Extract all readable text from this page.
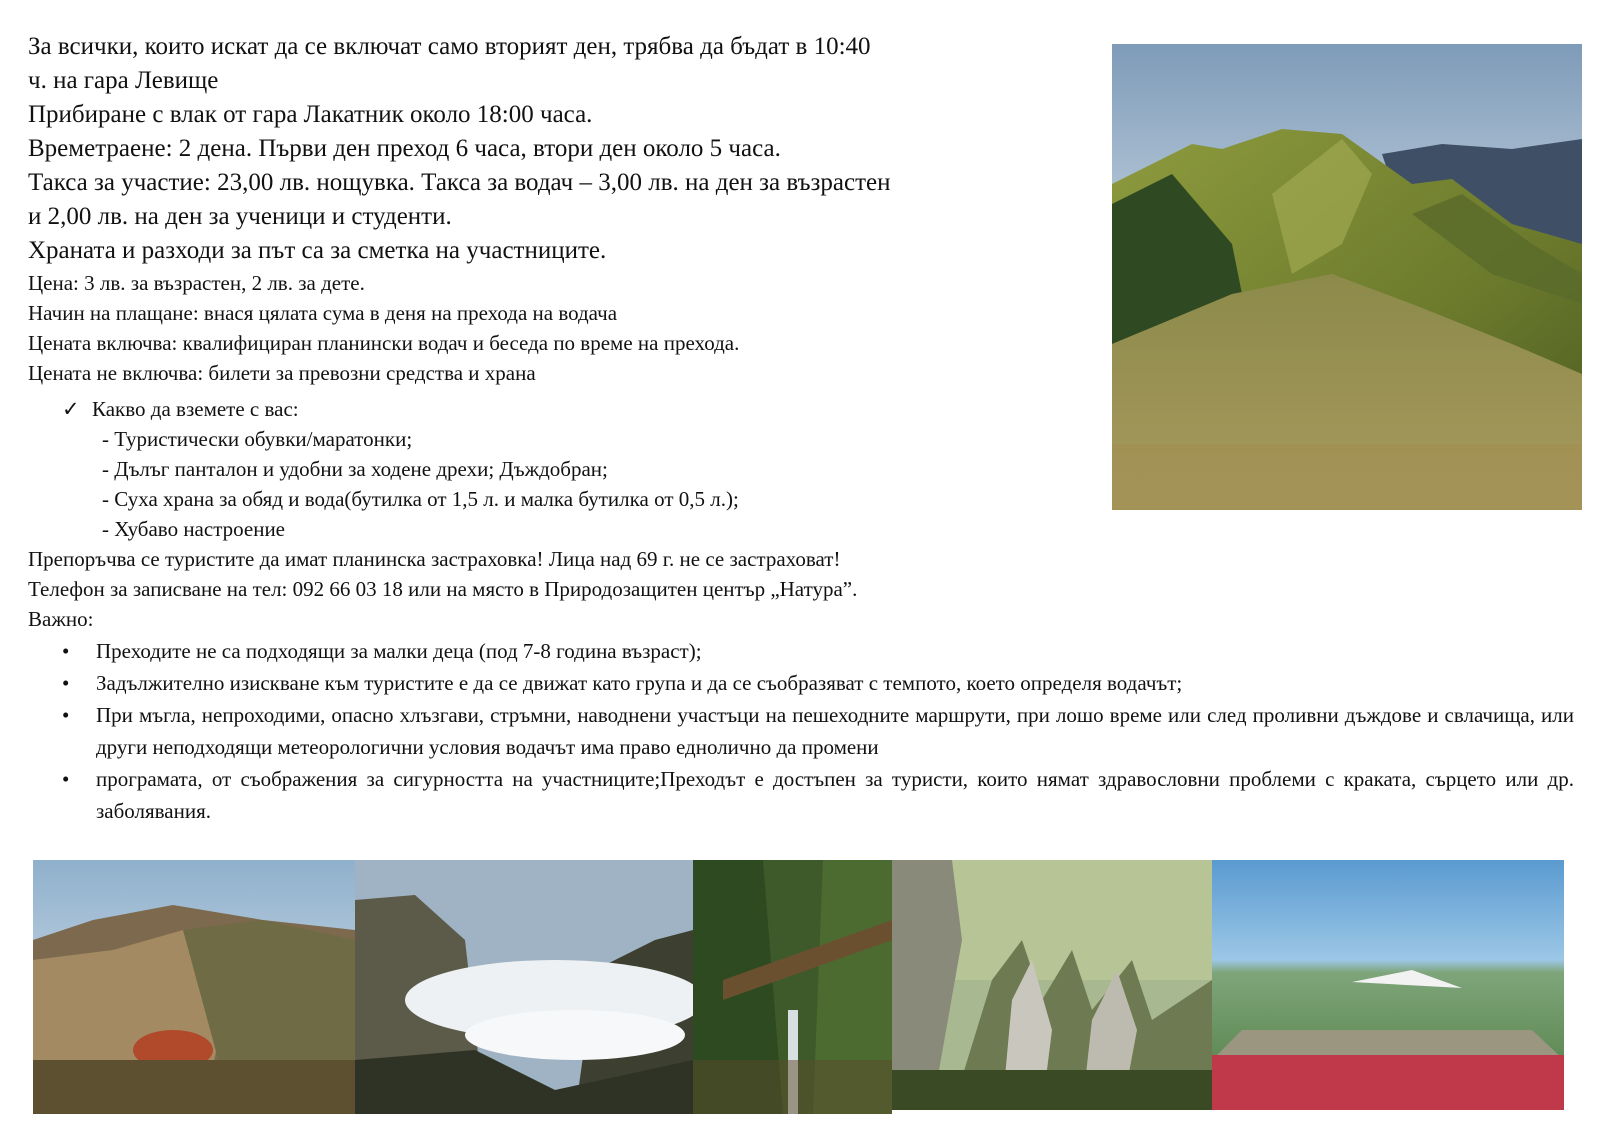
За всички, които искат да се включат само вторият ден, трябва да бъдат в 10:40
ч. на гара Левище
Прибиране с влак от гара Лакатник около 18:00 часа.
Времетраене: 2 дена. Първи ден преход 6 часа, втори ден около 5 часа.
Такса за участие: 23,00 лв. нощувка. Такса за водач – 3,00 лв. на ден за възрастен
и 2,00 лв. на ден за ученици и студенти.
Храната и разходи за път са за сметка на участниците.
Цена: 3 лв. за възрастен, 2 лв. за дете.
Начин на плащане: внася цялата сума в деня на прехода на водача
Цената включва: квалифициран планински водач и беседа по време на прехода.
Цената не включва: билети за превозни средства и храна
✓ Какво да вземете с вас:
- Туристически обувки/маратонки;
- Дълъг панталон и удобни за ходене дрехи; Дъждобран;
- Суха храна за обяд и вода(бутилка от 1,5 л. и малка бутилка от 0,5 л.);
- Хубаво настроение
Препоръчва се туристите да имат планинска застраховка! Лица над 69 г. не се застраховат!
Телефон за записване на тел: 092 66 03 18 или на място в Природозащитен център „Натура”.
Важно:
•	Преходите не са подходящи за малки деца (под 7-8 година възраст);
•	Задължително изискване към туристите е да се движат като група и да се съобразяват с темпото, което определя водачът;
•	При мъгла, непроходими, опасно хлъзгави, стръмни, наводнени участъци на пешеходните маршрути, при лошо време или след проливни дъждове и свлачища, или други неподходящи метеорологични условия водачът има право еднолично да промени
•	програмата, от съображения за сигурността на участниците;Преходът е достъпен за туристи, които нямат здравословни проблеми с краката, сърцето или др. заболявания.
